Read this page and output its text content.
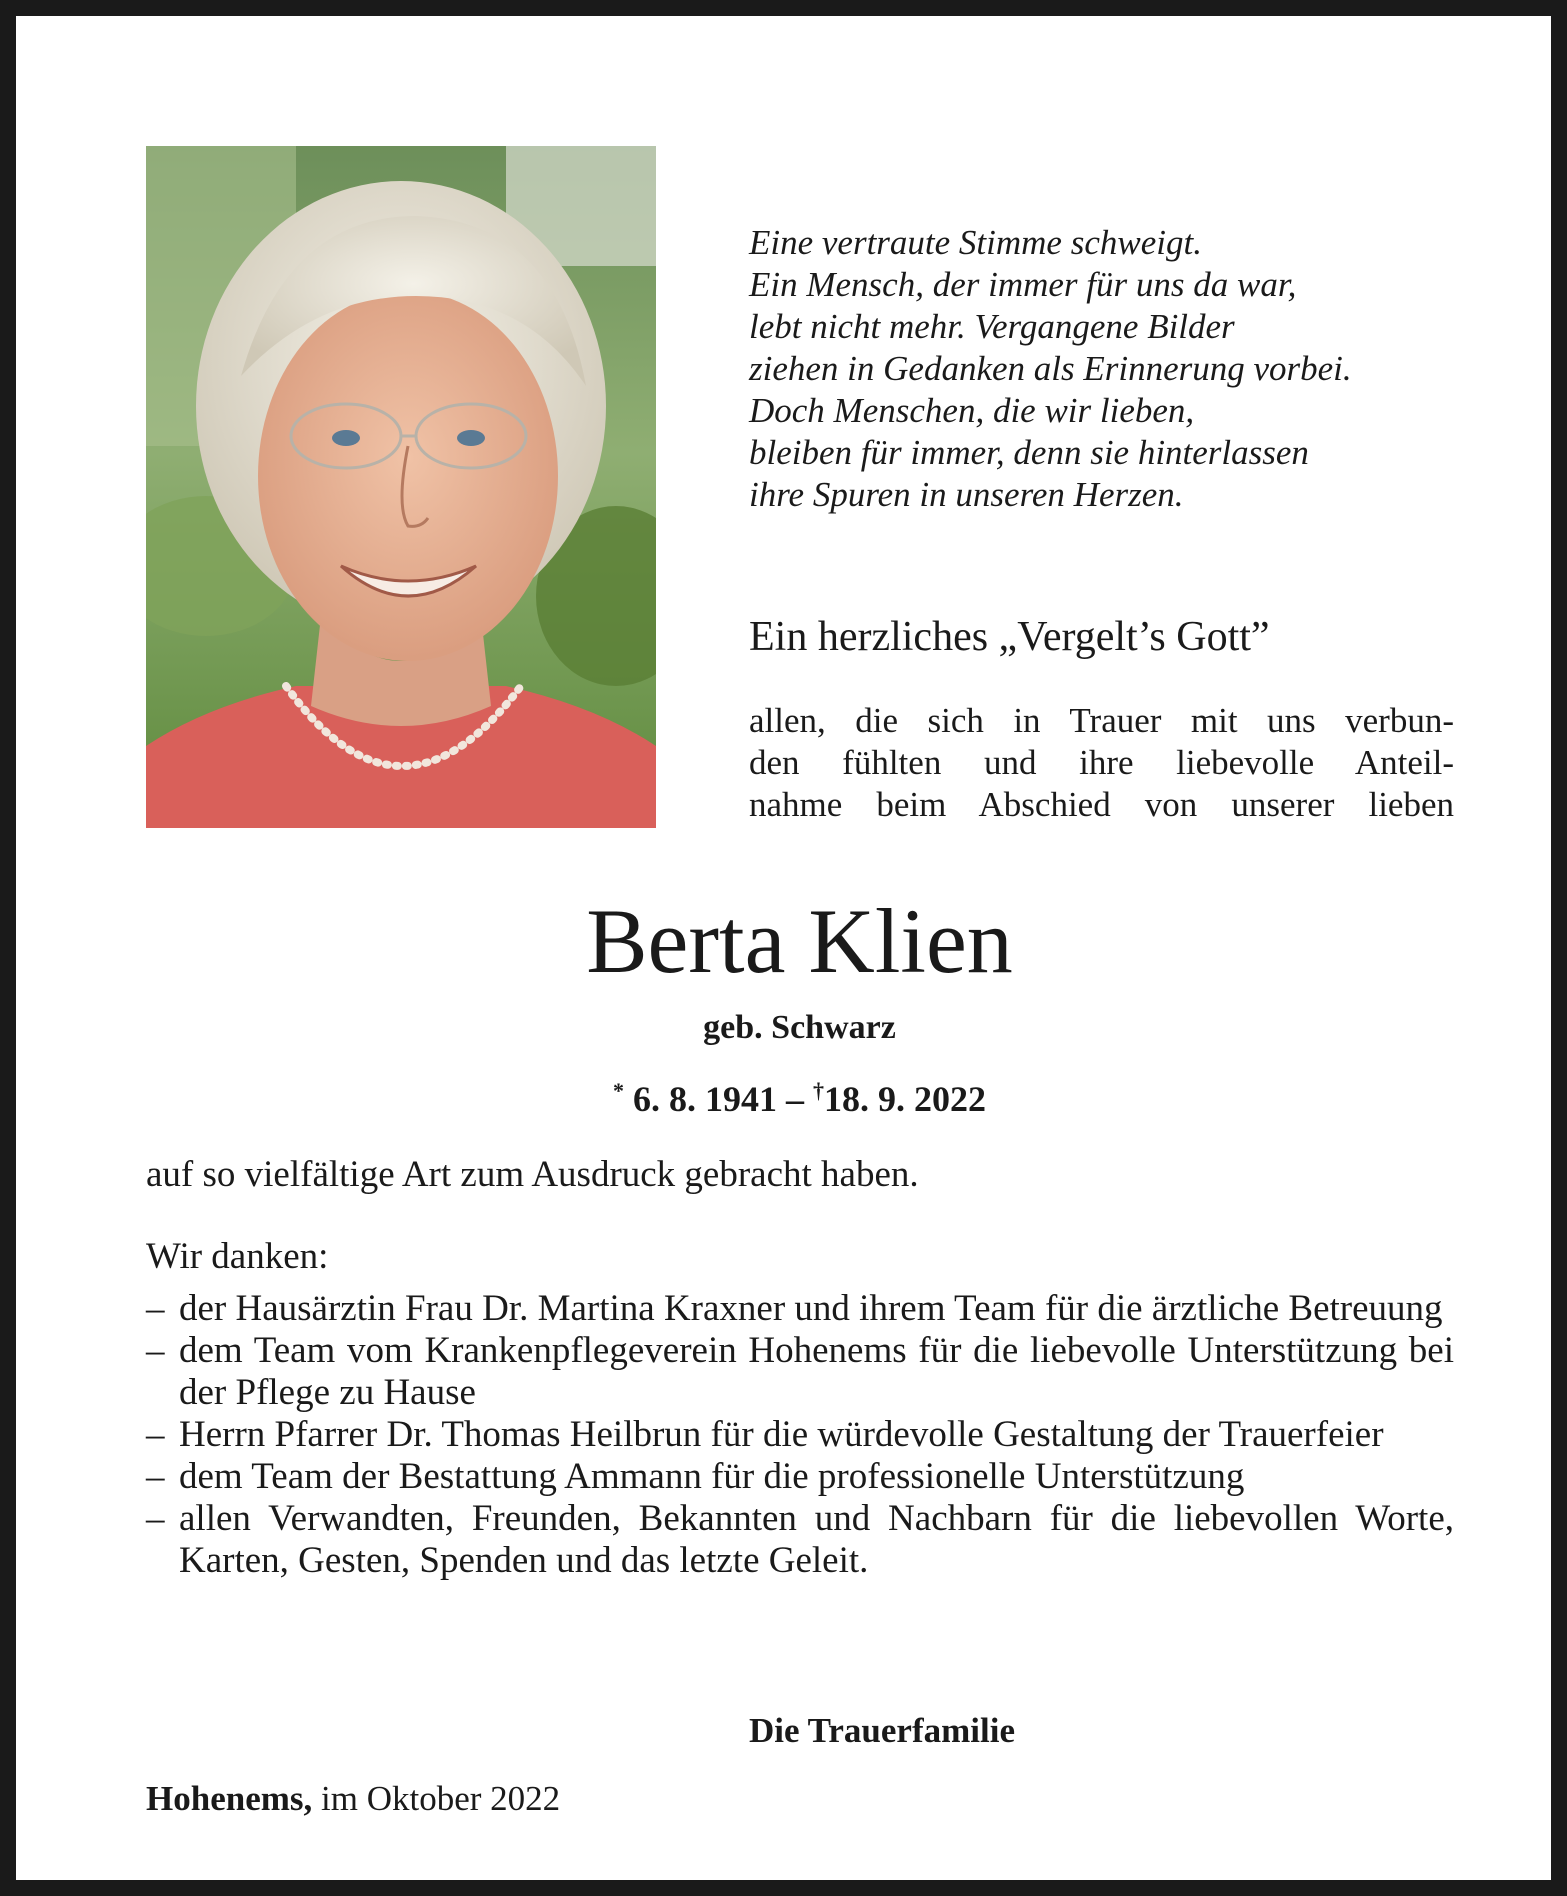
Eine vertraute Stimme schweigt.
Ein Mensch, der immer für uns da war,
lebt nicht mehr. Vergangene Bilder
ziehen in Gedanken als Erinnerung vorbei.
Doch Menschen, die wir lieben,
bleiben für immer, denn sie hinterlassen
ihre Spuren in unseren Herzen.
Ein herzliches „Vergelt’s Gott”
allen, die sich in Trauer mit uns verbun-
den fühlten und ihre liebevolle Anteil-
nahme beim Abschied von unserer lieben
Berta Klien
geb. Schwarz
* 6. 8. 1941 – †18. 9. 2022
auf so vielfältige Art zum Ausdruck gebracht haben.
Wir danken:
– der Hausärztin Frau Dr. Martina Kraxner und ihrem Team für die ärztliche Betreuung
– dem Team vom Krankenpflegeverein Hohenems für die liebevolle Unterstützung bei der Pflege zu Hause
– Herrn Pfarrer Dr. Thomas Heilbrun für die würdevolle Gestaltung der Trauerfeier
– dem Team der Bestattung Ammann für die professionelle Unterstützung
– allen Verwandten, Freunden, Bekannten und Nachbarn für die liebevollen Worte, Karten, Gesten, Spenden und das letzte Geleit.
Die Trauerfamilie
Hohenems, im Oktober 2022
